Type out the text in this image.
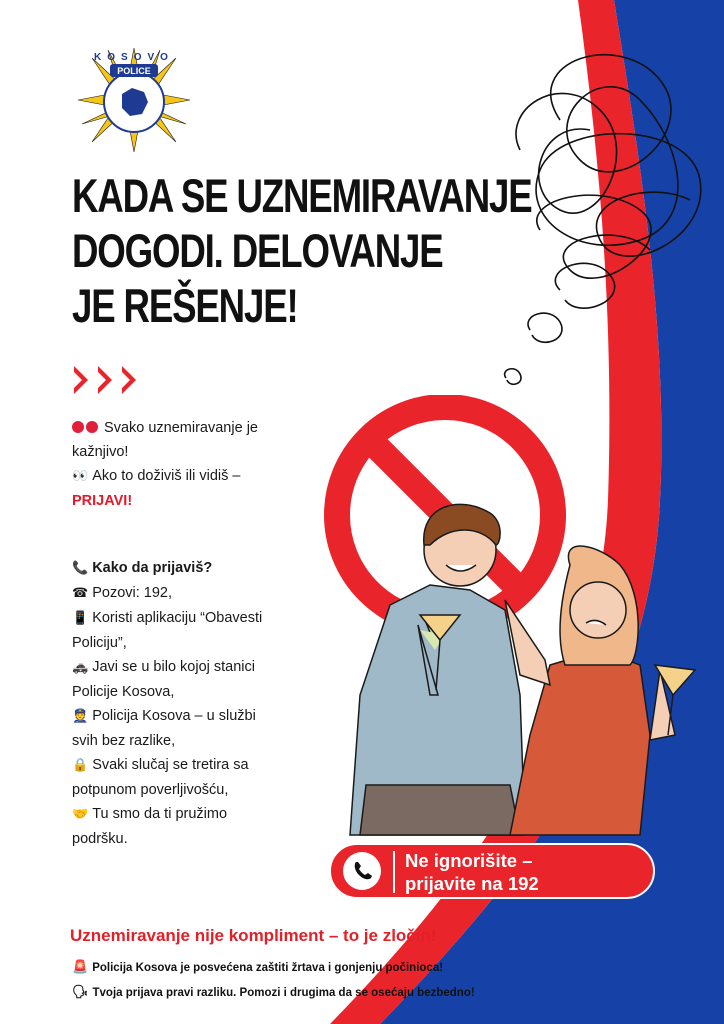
POLICE
KOSOVO
KADA SE UZNEMIRAVANJE
DOGODI. DELOVANJE
JE REŠENJE!
Svako uznemiravanje je
kažnjivo!
👀 Ako to doživiš ili vidiš –
PRIJAVI!
📞 Kako da prijaviš?
☎ Pozovi: 192,
📱 Koristi aplikaciju “Obavesti
Policiju”,
🚓 Javi se u bilo kojoj stanici
Policije Kosova,
👮 Policija Kosova – u službi
svih bez razlike,
🔒 Svaki slučaj se tretira sa
potpunom poverljivošću,
🤝 Tu smo da ti pružimo
podršku.
Ne ignorišite –
prijavite na 192
Uznemiravanje nije kompliment – to je zločin!
🚨 Policija Kosova je posvećena zaštiti žrtava i gonjenju počinioca!
🗣 Tvoja prijava pravi razliku. Pomozi i drugima da se osećaju bezbedno!
